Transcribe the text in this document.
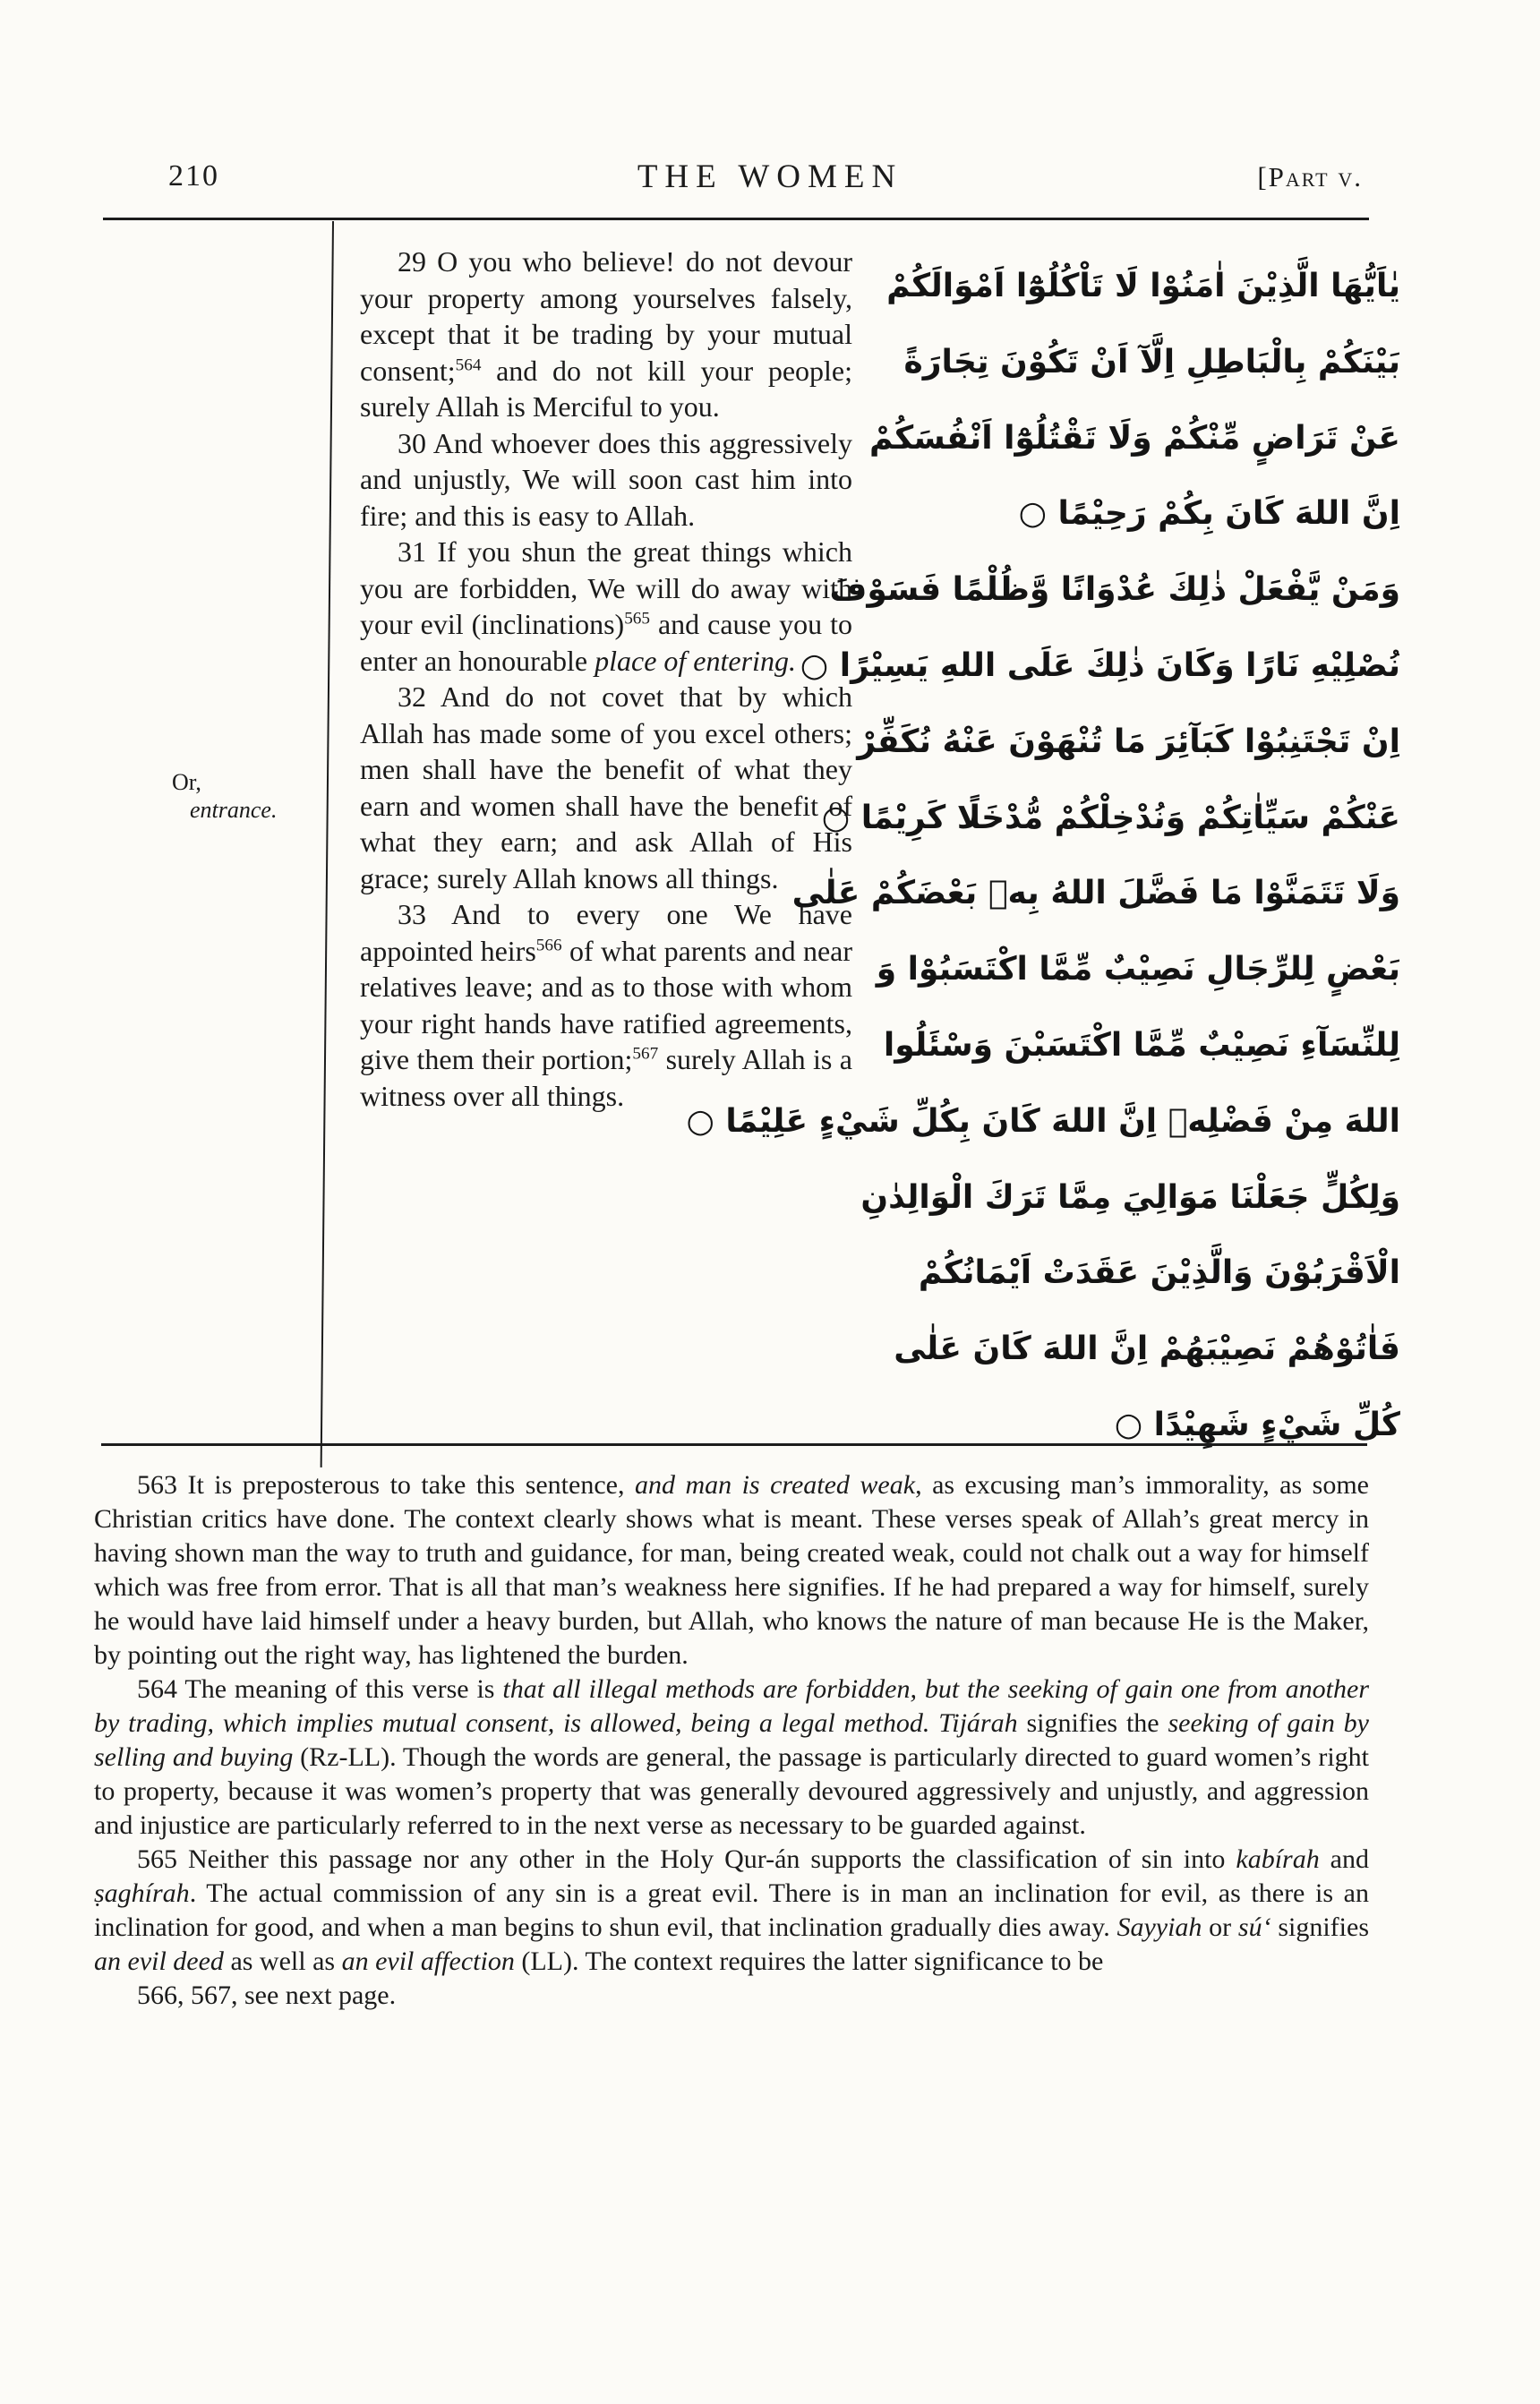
210	THE WOMEN	[Part v.
Or,
entrance.

29 O you who believe! do not devour your property among yourselves falsely, except that it be trading by your mutual consent;$^{564}$ and do not kill your people; surely Allah is Merciful to you.

30 And whoever does this aggressively and unjustly, We will soon cast him into fire; and this is easy to Allah.

31 If you shun the great things which you are forbidden, We will do away with your evil (inclinations)$^{565}$ and cause you to enter an honourable place of entering.

32 And do not covet that by which Allah has made some of you excel others; men shall have the benefit of what they earn and women shall have the benefit of what they earn; and ask Allah of His grace; surely Allah knows all things.

33 And to every one We have appointed heirs$^{566}$ of what parents and near relatives leave; and as to those with whom your right hands have ratified agreements, give them their portion;$^{567}$ surely Allah is a witness over all things.

يٰاَيُّهَا الَّذِيْنَ اٰمَنُوْا لَا تَاْكُلُوْٓا اَمْوَالَكُمْ
بَيْنَكُمْ بِالْبَاطِلِ اِلَّآ اَنْ تَكُوْنَ تِجَارَةً
عَنْ تَرَاضٍ مِّنْكُمْ وَلَا تَقْتُلُوْٓا اَنْفُسَكُمْ
اِنَّ اللهَ كَانَ بِكُمْ رَحِيْمًا ○
وَمَنْ يَّفْعَلْ ذٰلِكَ عُدْوَانًا وَّظُلْمًا فَسَوْفَ
نُصْلِيْهِ نَارًا وَكَانَ ذٰلِكَ عَلَى اللهِ يَسِيْرًا ○
اِنْ تَجْتَنِبُوْا كَبَآئِرَ مَا تُنْهَوْنَ عَنْهُ نُكَفِّرْ
عَنْكُمْ سَيِّاٰتِكُمْ وَنُدْخِلْكُمْ مُّدْخَلًا كَرِيْمًا ○
وَلَا تَتَمَنَّوْا مَا فَضَّلَ اللهُ بِهٖ بَعْضَكُمْ عَلٰى
بَعْضٍ لِلرِّجَالِ نَصِيْبٌ مِّمَّا اكْتَسَبُوْا وَ
لِلنِّسَآءِ نَصِيْبٌ مِّمَّا اكْتَسَبْنَ وَسْئَلُوا
اللهَ مِنْ فَضْلِهٖ اِنَّ اللهَ كَانَ بِكُلِّ شَيْءٍ عَلِيْمًا ○
وَلِكُلٍّ جَعَلْنَا مَوَالِيَ مِمَّا تَرَكَ الْوَالِدٰنِ
الْاَقْرَبُوْنَ وَالَّذِيْنَ عَقَدَتْ اَيْمَانُكُمْ
فَاٰتُوْهُمْ نَصِيْبَهُمْ اِنَّ اللهَ كَانَ عَلٰى
كُلِّ شَيْءٍ شَهِيْدًا ○

563 It is preposterous to take this sentence, and man is created weak, as excusing man’s immorality, as some Christian critics have done. The context clearly shows what is meant. These verses speak of Allah’s great mercy in having shown man the way to truth and guidance, for man, being created weak, could not chalk out a way for himself which was free from error. That is all that man’s weakness here signifies. If he had prepared a way for himself, surely he would have laid himself under a heavy burden, but Allah, who knows the nature of man because He is the Maker, by pointing out the right way, has lightened the burden.

564 The meaning of this verse is that all illegal methods are forbidden, but the seeking of gain one from another by trading, which implies mutual consent, is allowed, being a legal method. Tijárah signifies the seeking of gain by selling and buying (Rz-LL). Though the words are general, the passage is particularly directed to guard women’s right to property, because it was women’s property that was generally devoured aggressively and unjustly, and aggression and injustice are particularly referred to in the next verse as necessary to be guarded against.

565 Neither this passage nor any other in the Holy Qur-án supports the classification of sin into kabírah and ṣaghírah. The actual commission of any sin is a great evil. There is in man an inclination for evil, as there is an inclination for good, and when a man begins to shun evil, that inclination gradually dies away. Sayyiah or sú‘ signifies an evil deed as well as an evil affection (LL). The context requires the latter significance to be

566, 567, see next page.
